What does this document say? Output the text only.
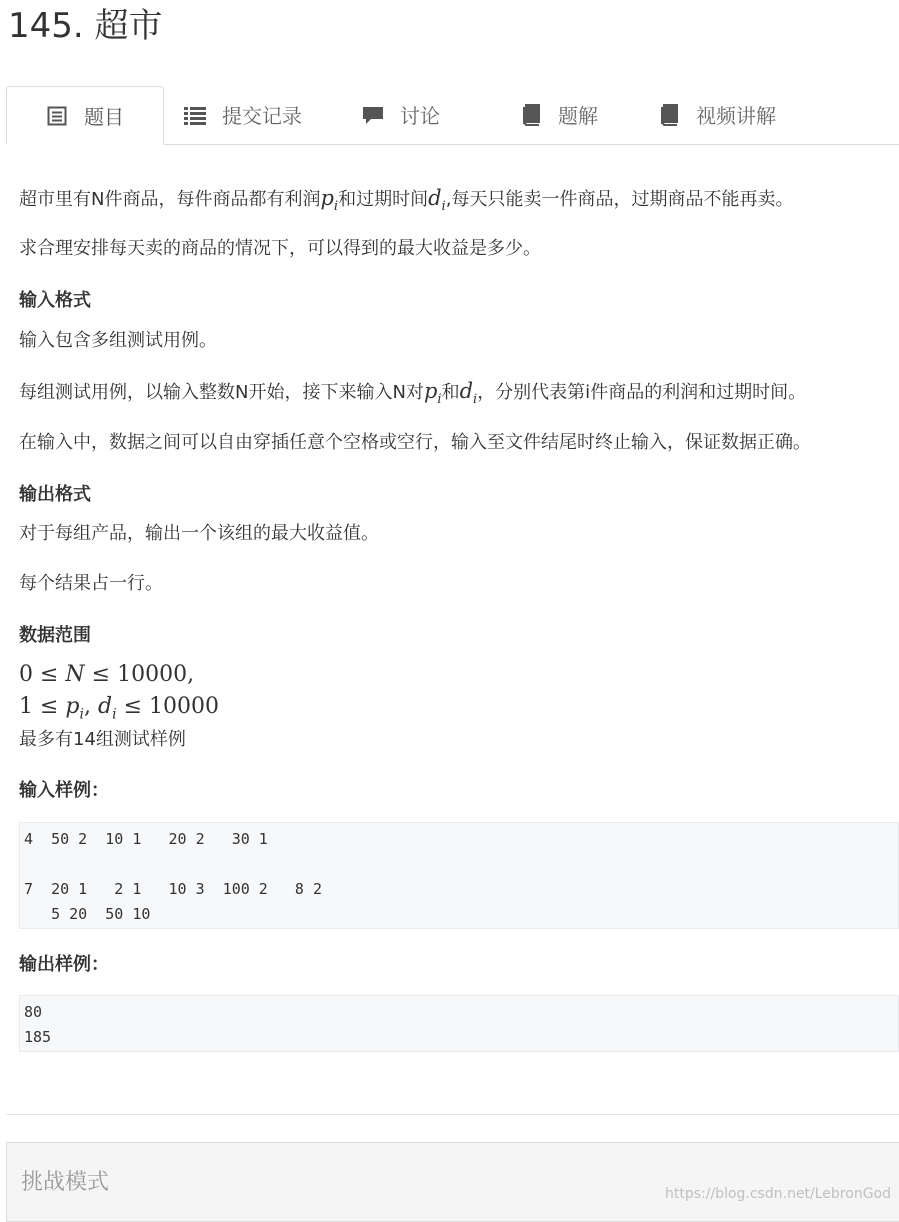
145. 超市
题目	提交记录	讨论	题解	视频讲解

超市里有N件商品，每件商品都有利润$p_i$和过期时间$d_i$,每天只能卖一件商品，过期商品不能再卖。

求合理安排每天卖的商品的情况下，可以得到的最大收益是多少。

输入格式

输入包含多组测试用例。

每组测试用例，以输入整数N开始，接下来输入N对$p_i$和$d_i$，分别代表第i件商品的利润和过期时间。

在输入中，数据之间可以自由穿插任意个空格或空行，输入至文件结尾时终止输入，保证数据正确。

输出格式

对于每组产品，输出一个该组的最大收益值。

每个结果占一行。

数据范围

0 ≤ N ≤ 10000,

$1 \le p_i$, $d_i \le 10000$

最多有14组测试样例

输入样例：

输出样例：

4  50 2  10 1   20 2   30 1

7  20 1   2 1   10 3  100 2   8 2
5 20  50 10
80
185
挑战模式	https://blog.csdn.net/LebronGod
